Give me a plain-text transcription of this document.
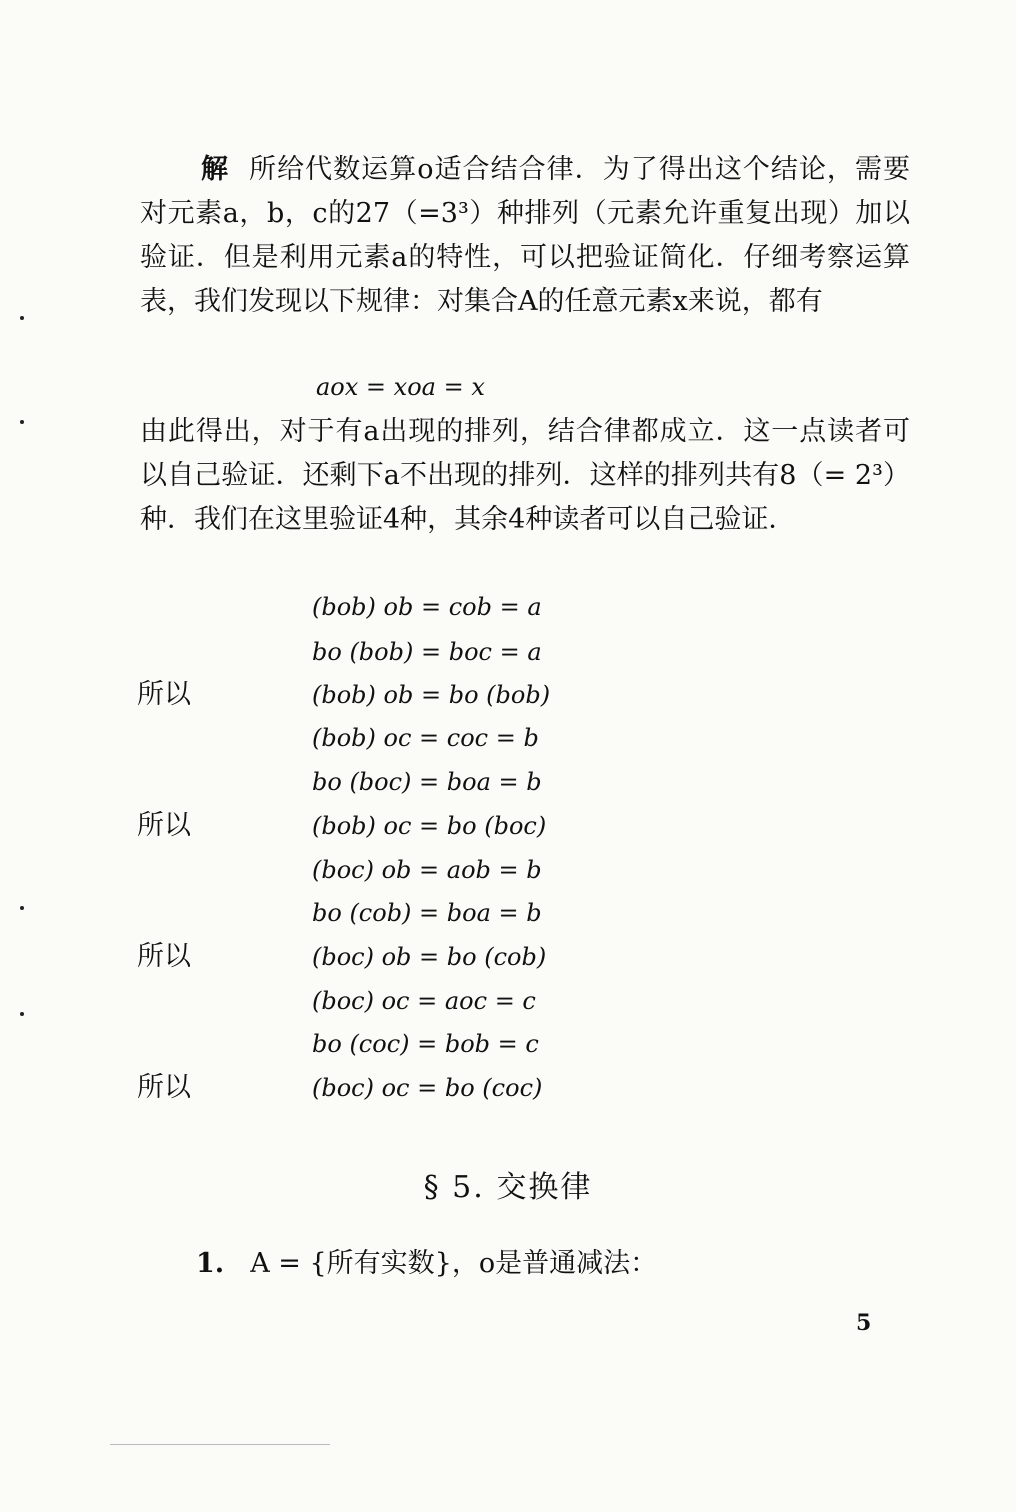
解 所给代数运算o适合结合律．为了得出这个结论，需要对元素a，b，c的27（=3³）种排列（元素允许重复出现）加以验证．但是利用元素a的特性，可以把验证简化．仔细考察运算表，我们发现以下规律：对集合A的任意元素x来说，都有
aox = xoa = x
由此得出，对于有a出现的排列，结合律都成立．这一点读者可以自己验证．还剩下a不出现的排列．这样的排列共有8（= 2³）种．我们在这里验证4种，其余4种读者可以自己验证．
(bob) ob = cob = a
bo (bob) = boc = a
所以	(bob) ob = bo (bob)
(bob) oc = coc = b
bo (boc) = boa = b
所以	(bob) oc = bo (boc)
(boc) ob = aob = b
bo (cob) = boa = b
所以	(boc) ob = bo (cob)
(boc) oc = aoc = c
bo (coc) = bob = c
所以	(boc) oc = bo (coc)
§ 5. 交换律
1. A = {所有实数}，o是普通减法：
5
